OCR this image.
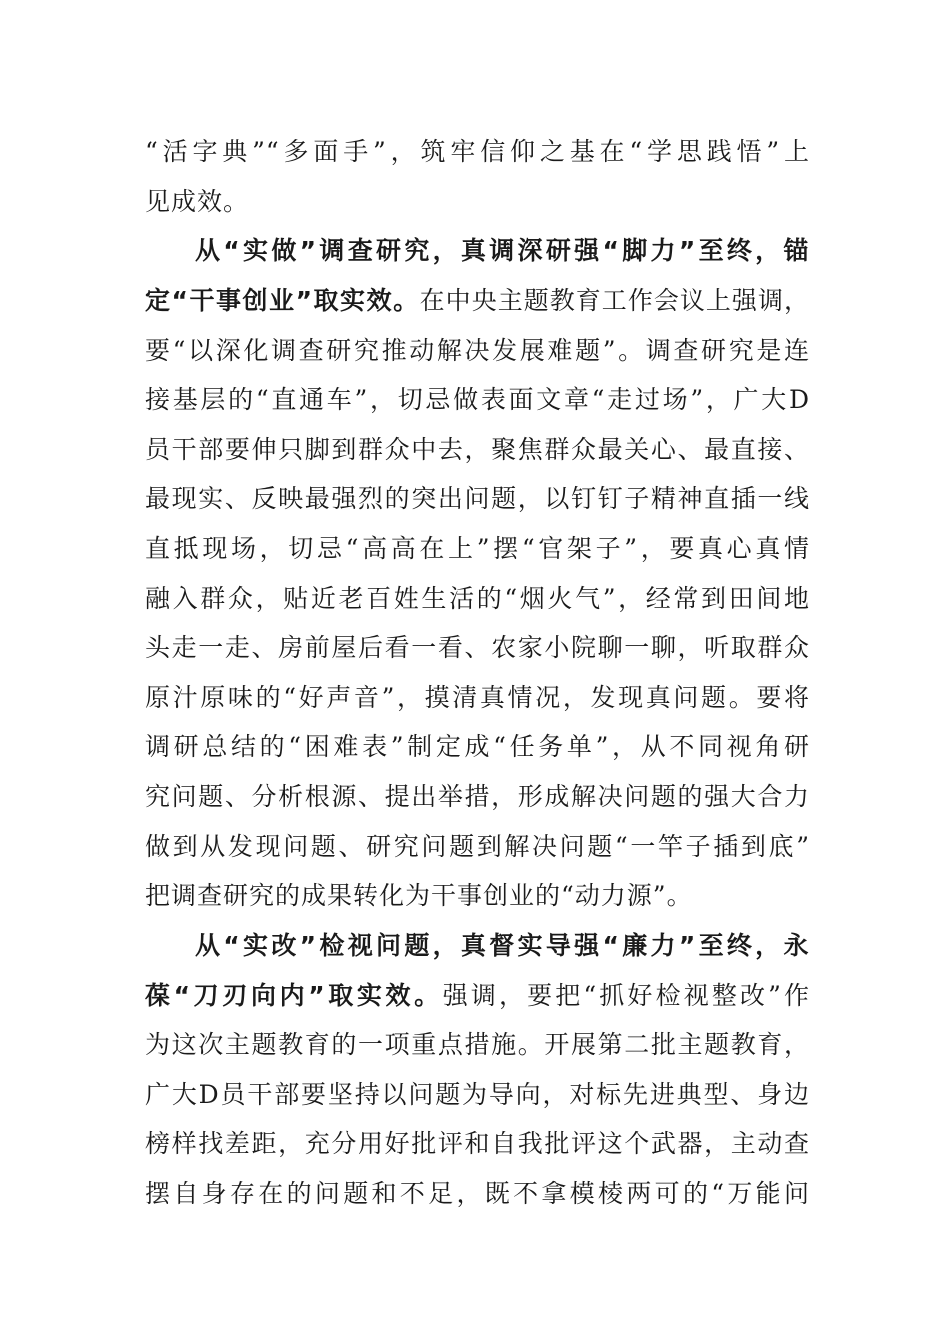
“活字典”“多面手”，筑牢信仰之基在“学思践悟”上
见成效。
从“实做”调查研究，真调深研强“脚力”至终，锚
定“干事创业”取实效。在中央主题教育工作会议上强调，
要“以深化调查研究推动解决发展难题”。调查研究是连
接基层的“直通车”，切忌做表面文章“走过场”，广大D
员干部要伸只脚到群众中去，聚焦群众最关心、最直接、
最现实、反映最强烈的突出问题，以钉钉子精神直插一线
直抵现场，切忌“高高在上”摆“官架子”，要真心真情
融入群众，贴近老百姓生活的“烟火气”，经常到田间地
头走一走、房前屋后看一看、农家小院聊一聊，听取群众
原汁原味的“好声音”，摸清真情况，发现真问题。要将
调研总结的“困难表”制定成“任务单”，从不同视角研
究问题、分析根源、提出举措，形成解决问题的强大合力
做到从发现问题、研究问题到解决问题“一竿子插到底”
把调查研究的成果转化为干事创业的“动力源”。
从“实改”检视问题，真督实导强“廉力”至终，永
葆“刀刃向内”取实效。强调，要把“抓好检视整改”作
为这次主题教育的一项重点措施。开展第二批主题教育，
广大D员干部要坚持以问题为导向，对标先进典型、身边
榜样找差距，充分用好批评和自我批评这个武器，主动查
摆自身存在的问题和不足，既不拿模棱两可的“万能问
